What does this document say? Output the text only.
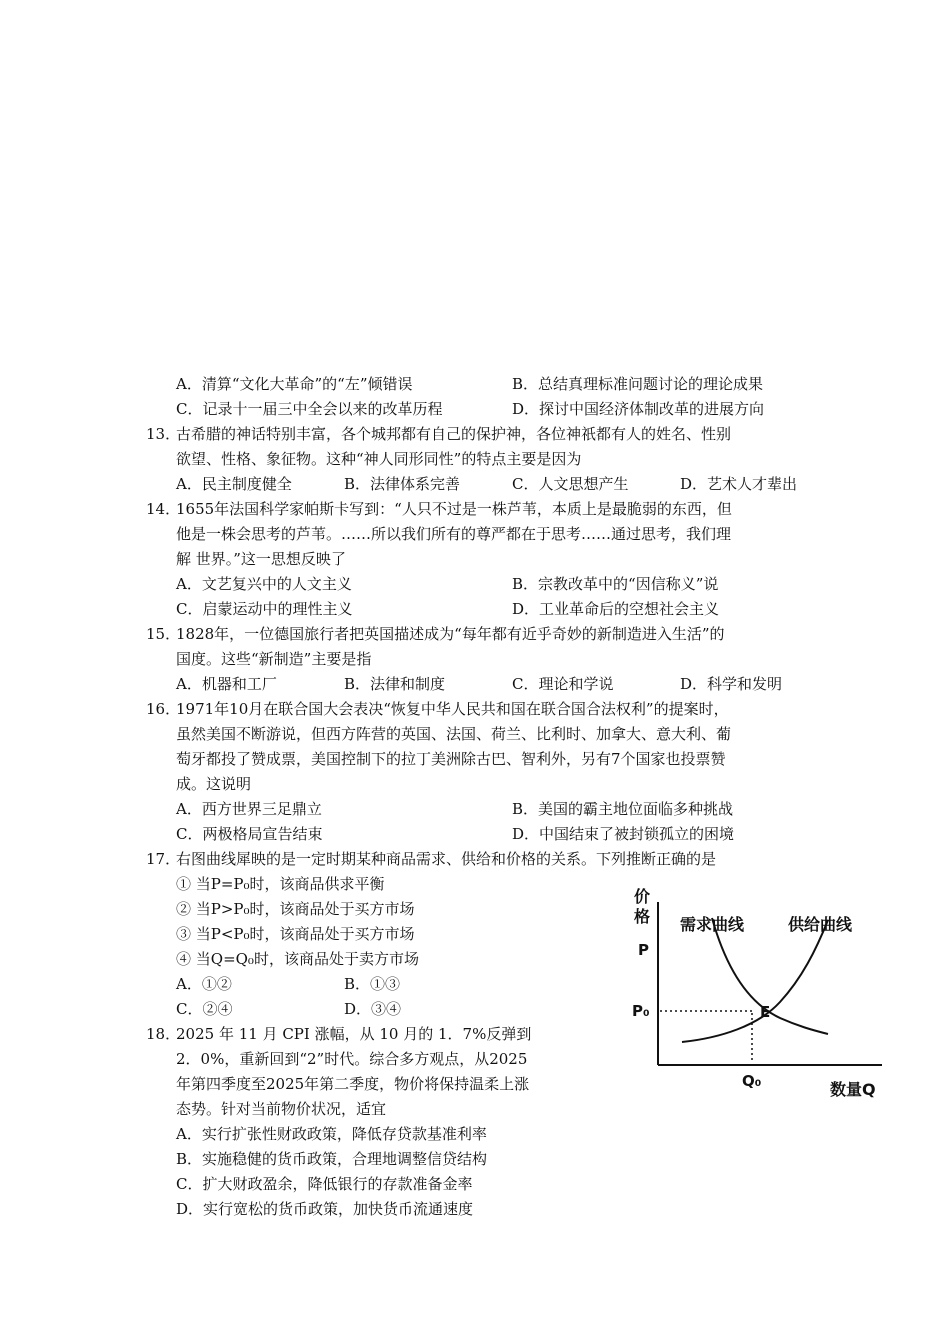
A．清算“文化大革命”的“左”倾错误	B．总结真理标准问题讨论的理论成果
C．记录十一届三中全会以来的改革历程	D．探讨中国经济体制改革的进展方向
13．
古希腊的神话特别丰富，各个城邦都有自己的保护神，各位神祇都有人的姓名、性别
欲望、性格、象征物。这种“神人同形同性”的特点主要是因为
A．民主制度健全	B．法律体系完善	C．人文思想产生	D．艺术人才辈出
14．
1655年法国科学家帕斯卡写到：“人只不过是一株芦苇，本质上是最脆弱的东西，但
他是一株会思考的芦苇。……所以我们所有的尊严都在于思考……通过思考，我们理
解 世界。”这一思想反映了
A．文艺复兴中的人文主义	B．宗教改革中的“因信称义”说
C．启蒙运动中的理性主义	D．工业革命后的空想社会主义
15．
1828年，一位德国旅行者把英国描述成为“每年都有近乎奇妙的新制造进入生活”的
国度。这些“新制造”主要是指
A．机器和工厂	B．法律和制度	C．理论和学说	D．科学和发明
16．
1971年10月在联合国大会表决“恢复中华人民共和国在联合国合法权利”的提案时，
虽然美国不断游说，但西方阵营的英国、法国、荷兰、比利时、加拿大、意大利、葡
萄牙都投了赞成票，美国控制下的拉丁美洲除古巴、智利外，另有7个国家也投票赞
成。这说明
A．西方世界三足鼎立	B．美国的霸主地位面临多种挑战
C．两极格局宣告结束	D．中国结束了被封锁孤立的困境
17．
右图曲线犀映的是一定时期某种商品需求、供给和价格的关系。下列推断正确的是
① 当P=P₀时，该商品供求平衡
② 当P>P₀时，该商品处于买方市场
③ 当P<P₀时，该商品处于买方市场
④ 当Q=Q₀时，该商品处于卖方市场
A．①②	B．①③
C．②④	D．③④
18．
2025 年 11 月 CPI 涨幅，从 10 月的 1．7%反弹到
2．0%，重新回到“2”时代。综合多方观点，从2025
年第四季度至2025年第二季度，物价将保持温柔上涨
态势。针对当前物价状况，适宜
A．实行扩张性财政政策，降低存贷款基准利率
B．实施稳健的货币政策，合理地调整信贷结构
C．扩大财政盈余，降低银行的存款准备金率
D．实行宽松的货币政策，加快货币流通速度
价
格 需求曲线	供给曲线
P
P₀	E
Q₀	数量Q
